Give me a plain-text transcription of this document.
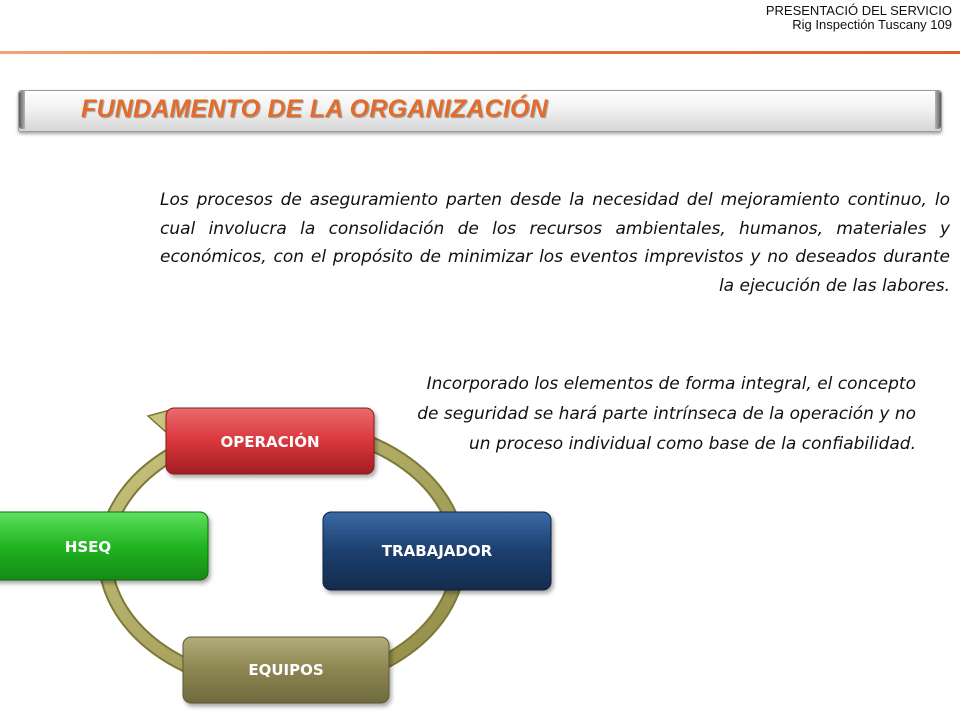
PRESENTACIÓ DEL SERVICIO
Rig Inspectión Tuscany 109
FUNDAMENTO DE LA ORGANIZACIÓN
Los procesos de aseguramiento parten desde la necesidad del mejoramiento continuo, lo cual involucra la consolidación de los recursos ambientales, humanos, materiales y económicos, con el propósito de minimizar los eventos imprevistos y no deseados durante la ejecución de las labores.
Incorporado los elementos de forma integral, el concepto de seguridad se hará parte intrínseca de la operación y no un proceso individual como base de la confiabilidad.
OPERACIÓN
TRABAJADOR
EQUIPOS
HSEQ
